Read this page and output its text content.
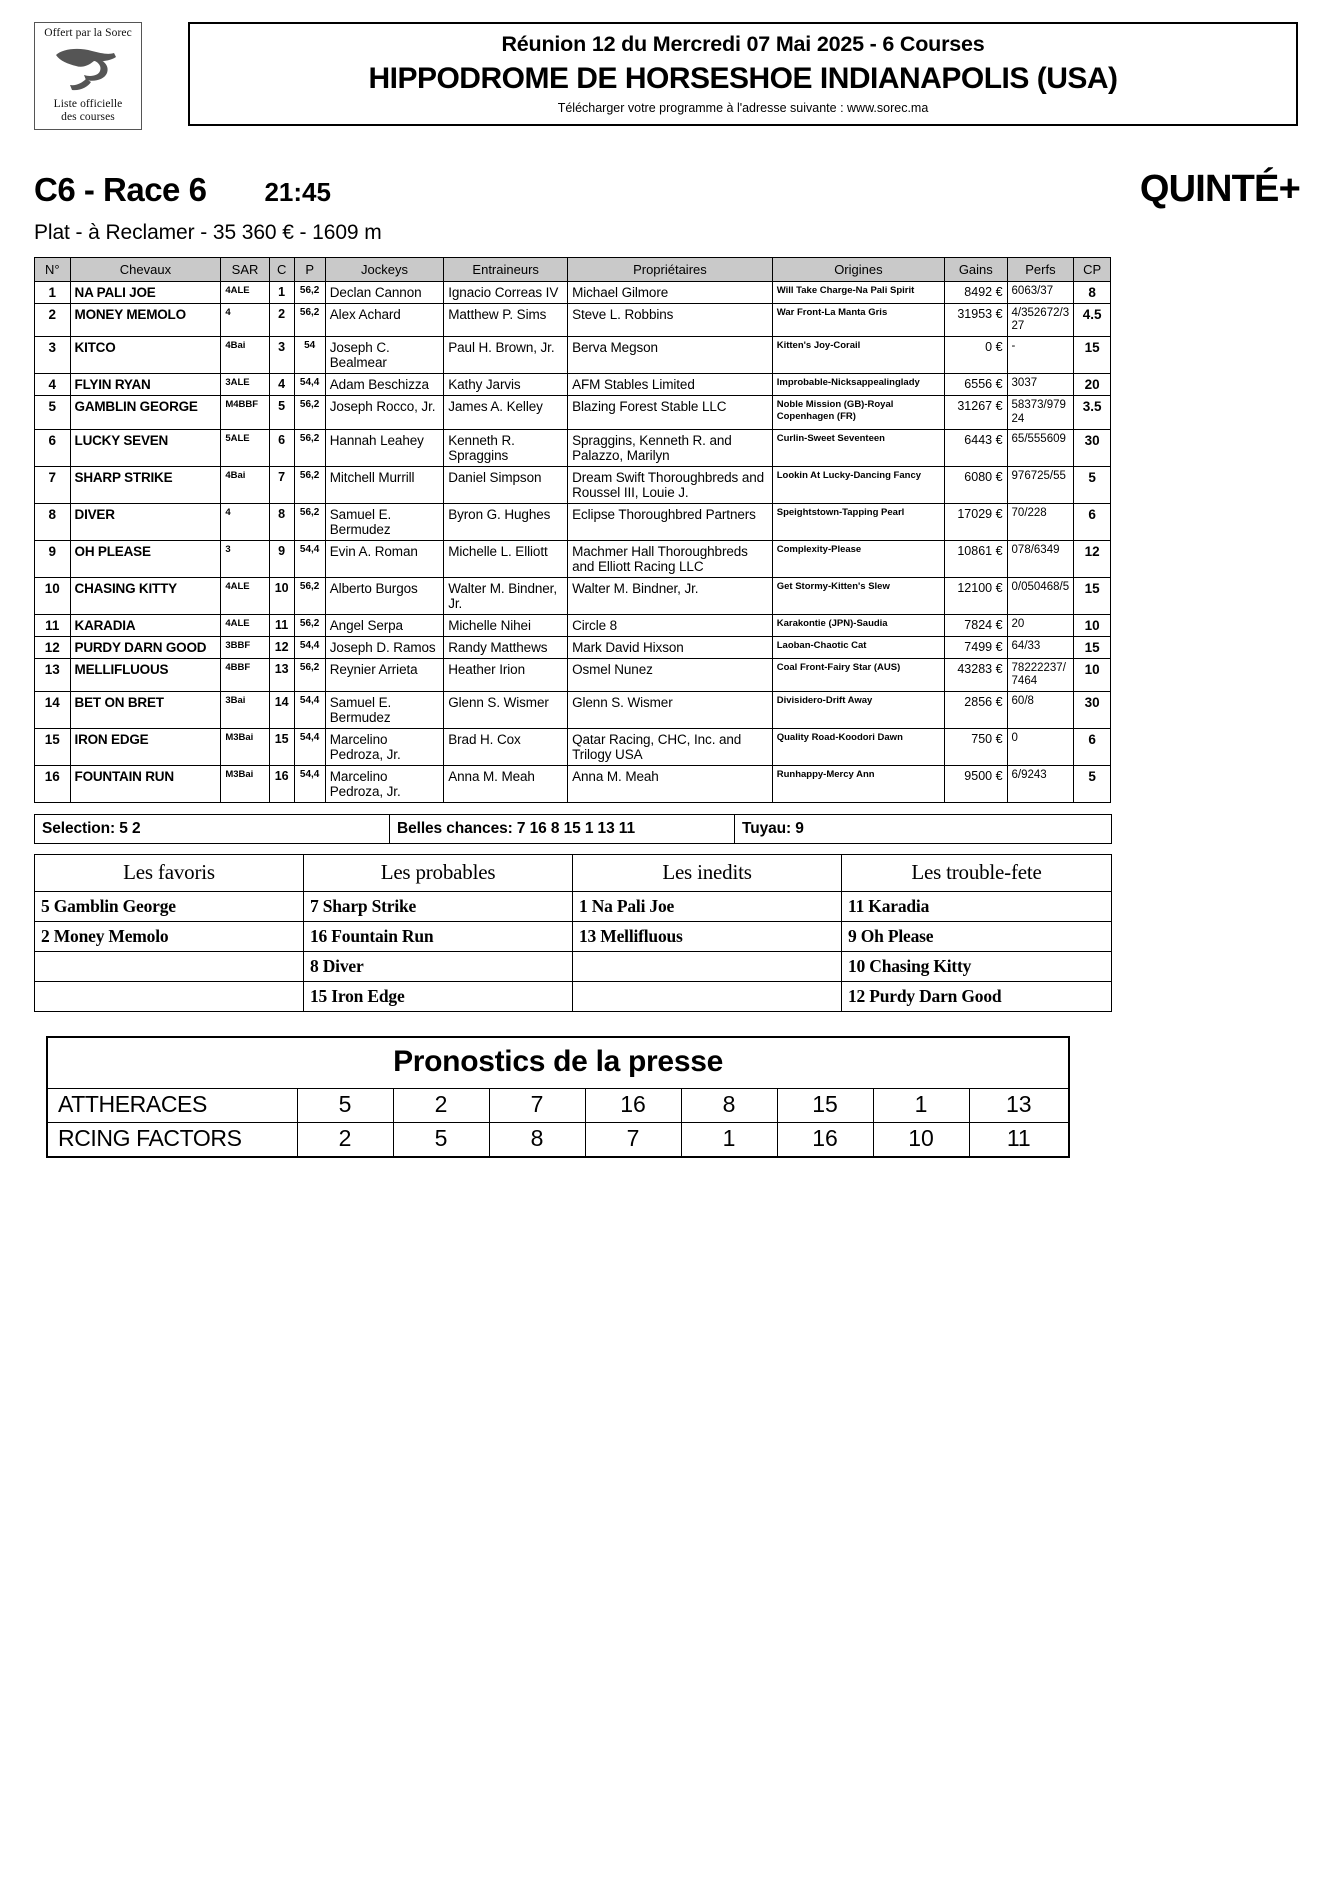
Offert par la Sorec
Liste officielle
des courses
Réunion 12 du Mercredi 07 Mai 2025 - 6 Courses
HIPPODROME DE HORSESHOE INDIANAPOLIS (USA)
Télécharger votre programme à l'adresse suivante : www.sorec.ma
C6 - Race 6 21:45	QUINTÉ+
Plat - à Reclamer - 35 360 € - 1609 m
N°	Chevaux	SAR	C	P	Jockeys	Entraineurs	Propriétaires	Origines	Gains	Perfs	CP
1	NA PALI JOE	4ALE	1	56,2	Declan Cannon	Ignacio Correas IV	Michael Gilmore	Will Take Charge-Na Pali Spirit	8492 €	6063/37	8
2	MONEY MEMOLO	4	2	56,2	Alex Achard	Matthew P. Sims	Steve L. Robbins	War Front-La Manta Gris	31953 €	4/352672/327	4.5
3	KITCO	4Bai	3	54	Joseph C. Bealmear	Paul H. Brown, Jr.	Berva Megson	Kitten's Joy-Corail	0 €	-	15
4	FLYIN RYAN	3ALE	4	54,4	Adam Beschizza	Kathy Jarvis	AFM Stables Limited	Improbable-Nicksappealinglady	6556 €	3037	20
5	GAMBLIN GEORGE	M4BBF	5	56,2	Joseph Rocco, Jr.	James A. Kelley	Blazing Forest Stable LLC	Noble Mission (GB)-Royal Copenhagen (FR)	31267 €	58373/97924	3.5
6	LUCKY SEVEN	5ALE	6	56,2	Hannah Leahey	Kenneth R. Spraggins	Spraggins, Kenneth R. and Palazzo, Marilyn	Curlin-Sweet Seventeen	6443 €	65/555609	30
7	SHARP STRIKE	4Bai	7	56,2	Mitchell Murrill	Daniel Simpson	Dream Swift Thoroughbreds and Roussel III, Louie J.	Lookin At Lucky-Dancing Fancy	6080 €	976725/55	5
8	DIVER	4	8	56,2	Samuel E. Bermudez	Byron G. Hughes	Eclipse Thoroughbred Partners	Speightstown-Tapping Pearl	17029 €	70/228	6
9	OH PLEASE	3	9	54,4	Evin A. Roman	Michelle L. Elliott	Machmer Hall Thoroughbreds and Elliott Racing LLC	Complexity-Please	10861 €	078/6349	12
10	CHASING KITTY	4ALE	10	56,2	Alberto Burgos	Walter M. Bindner, Jr.	Walter M. Bindner, Jr.	Get Stormy-Kitten's Slew	12100 €	0/050468/5	15
11	KARADIA	4ALE	11	56,2	Angel Serpa	Michelle Nihei	Circle 8	Karakontie (JPN)-Saudia	7824 €	20	10
12	PURDY DARN GOOD	3BBF	12	54,4	Joseph D. Ramos	Randy Matthews	Mark David Hixson	Laoban-Chaotic Cat	7499 €	64/33	15
13	MELLIFLUOUS	4BBF	13	56,2	Reynier Arrieta	Heather Irion	Osmel Nunez	Coal Front-Fairy Star (AUS)	43283 €	78222237/7464	10
14	BET ON BRET	3Bai	14	54,4	Samuel E. Bermudez	Glenn S. Wismer	Glenn S. Wismer	Divisidero-Drift Away	2856 €	60/8	30
15	IRON EDGE	M3Bai	15	54,4	Marcelino Pedroza, Jr.	Brad H. Cox	Qatar Racing, CHC, Inc. and Trilogy USA	Quality Road-Koodori Dawn	750 €	0	6
16	FOUNTAIN RUN	M3Bai	16	54,4	Marcelino Pedroza, Jr.	Anna M. Meah	Anna M. Meah	Runhappy-Mercy Ann	9500 €	6/9243	5
Selection: 5 2	Belles chances: 7 16 8 15 1 13 11	Tuyau: 9
Les favoris	Les probables	Les inedits	Les trouble-fete
5 Gamblin George	7 Sharp Strike	1 Na Pali Joe	11 Karadia
2 Money Memolo	16 Fountain Run	13 Mellifluous	9 Oh Please
	8 Diver		10 Chasing Kitty
	15 Iron Edge		12 Purdy Darn Good
Pronostics de la presse								
ATTHERACES	5	2	7	16	8	15	1	13
RCING FACTORS	2	5	8	7	1	16	10	11
